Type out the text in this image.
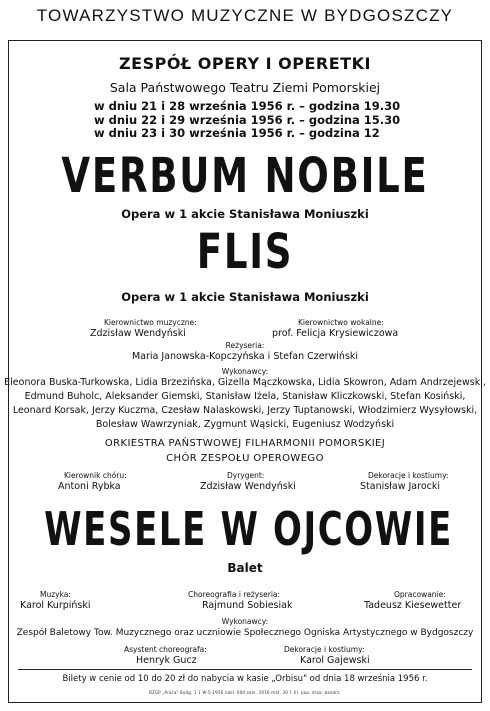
TOWARZYSTWO MUZYCZNE W BYDGOSZCZY
ZESPÓŁ OPERY I OPERETKI
Sala Państwowego Teatru Ziemi Pomorskiej
w dniu 21 i 28 września 1956 r. – godzina 19.30
w dniu 22 i 29 września 1956 r. – godzina 15.30
w dniu 23 i 30 września 1956 r. – godzina 12
VERBUM NOBILE
Opera w 1 akcie Stanisława Moniuszki
FLIS
Opera w 1 akcie Stanisława Moniuszki
Kierownictwo muzyczne:
Zdzisław Wendyński
Kierownictwo wokalne:
prof. Felicja Krysiewiczowa
Reżyseria:
Maria Janowska-Kopczyńska i Stefan Czerwiński
Wykonawcy:
Eleonora Buska-Turkowska, Lidia Brzezińska, Gizella Mączkowska, Lidia Skowron, Adam Andrzejewski,
Edmund Buholc, Aleksander Giemski, Stanisław Iżela, Stanisław Kliczkowski, Stefan Kosiński,
Leonard Korsak, Jerzy Kuczma, Czesław Nalaskowski, Jerzy Tuptanowski, Włodzimierz Wysyłowski,
Bolesław Wawrzyniak, Zygmunt Wąsicki, Eugeniusz Wodzyński
ORKIESTRA PAŃSTWOWEJ FILHARMONII POMORSKIEJ
CHÓR ZESPOŁU OPEROWEGO
Kierownik chóru:
Antoni Rybka
Dyrygent:
Zdzisław Wendyński
Dekoracje i kostiumy:
Stanisław Jarocki
WESELE W OJCOWIE
Balet
Muzyka:
Karol Kurpiński
Choreografia i reżyseria:
Rajmund Sobiesiak
Opracowanie:
Tadeusz Kiesewetter
Wykonawcy:
Zespół Baletowy Tow. Muzycznego oraz uczniowie Społecznego Ogniska Artystycznego w Bydgoszczy
Asystent choreografa:
Henryk Gucz
Dekoracje i kostiumy:
Karol Gajewski
Bilety w cenie od 10 do 20 zł do nabycia w kasie „Orbisu" od dnia 18 września 1956 r.
BZGP „Prasa" Bydg. 1 1 W-5-1956 nakł. 600 zam. 2016 mat. 30 f. III. pap. druk. bezdrz.
